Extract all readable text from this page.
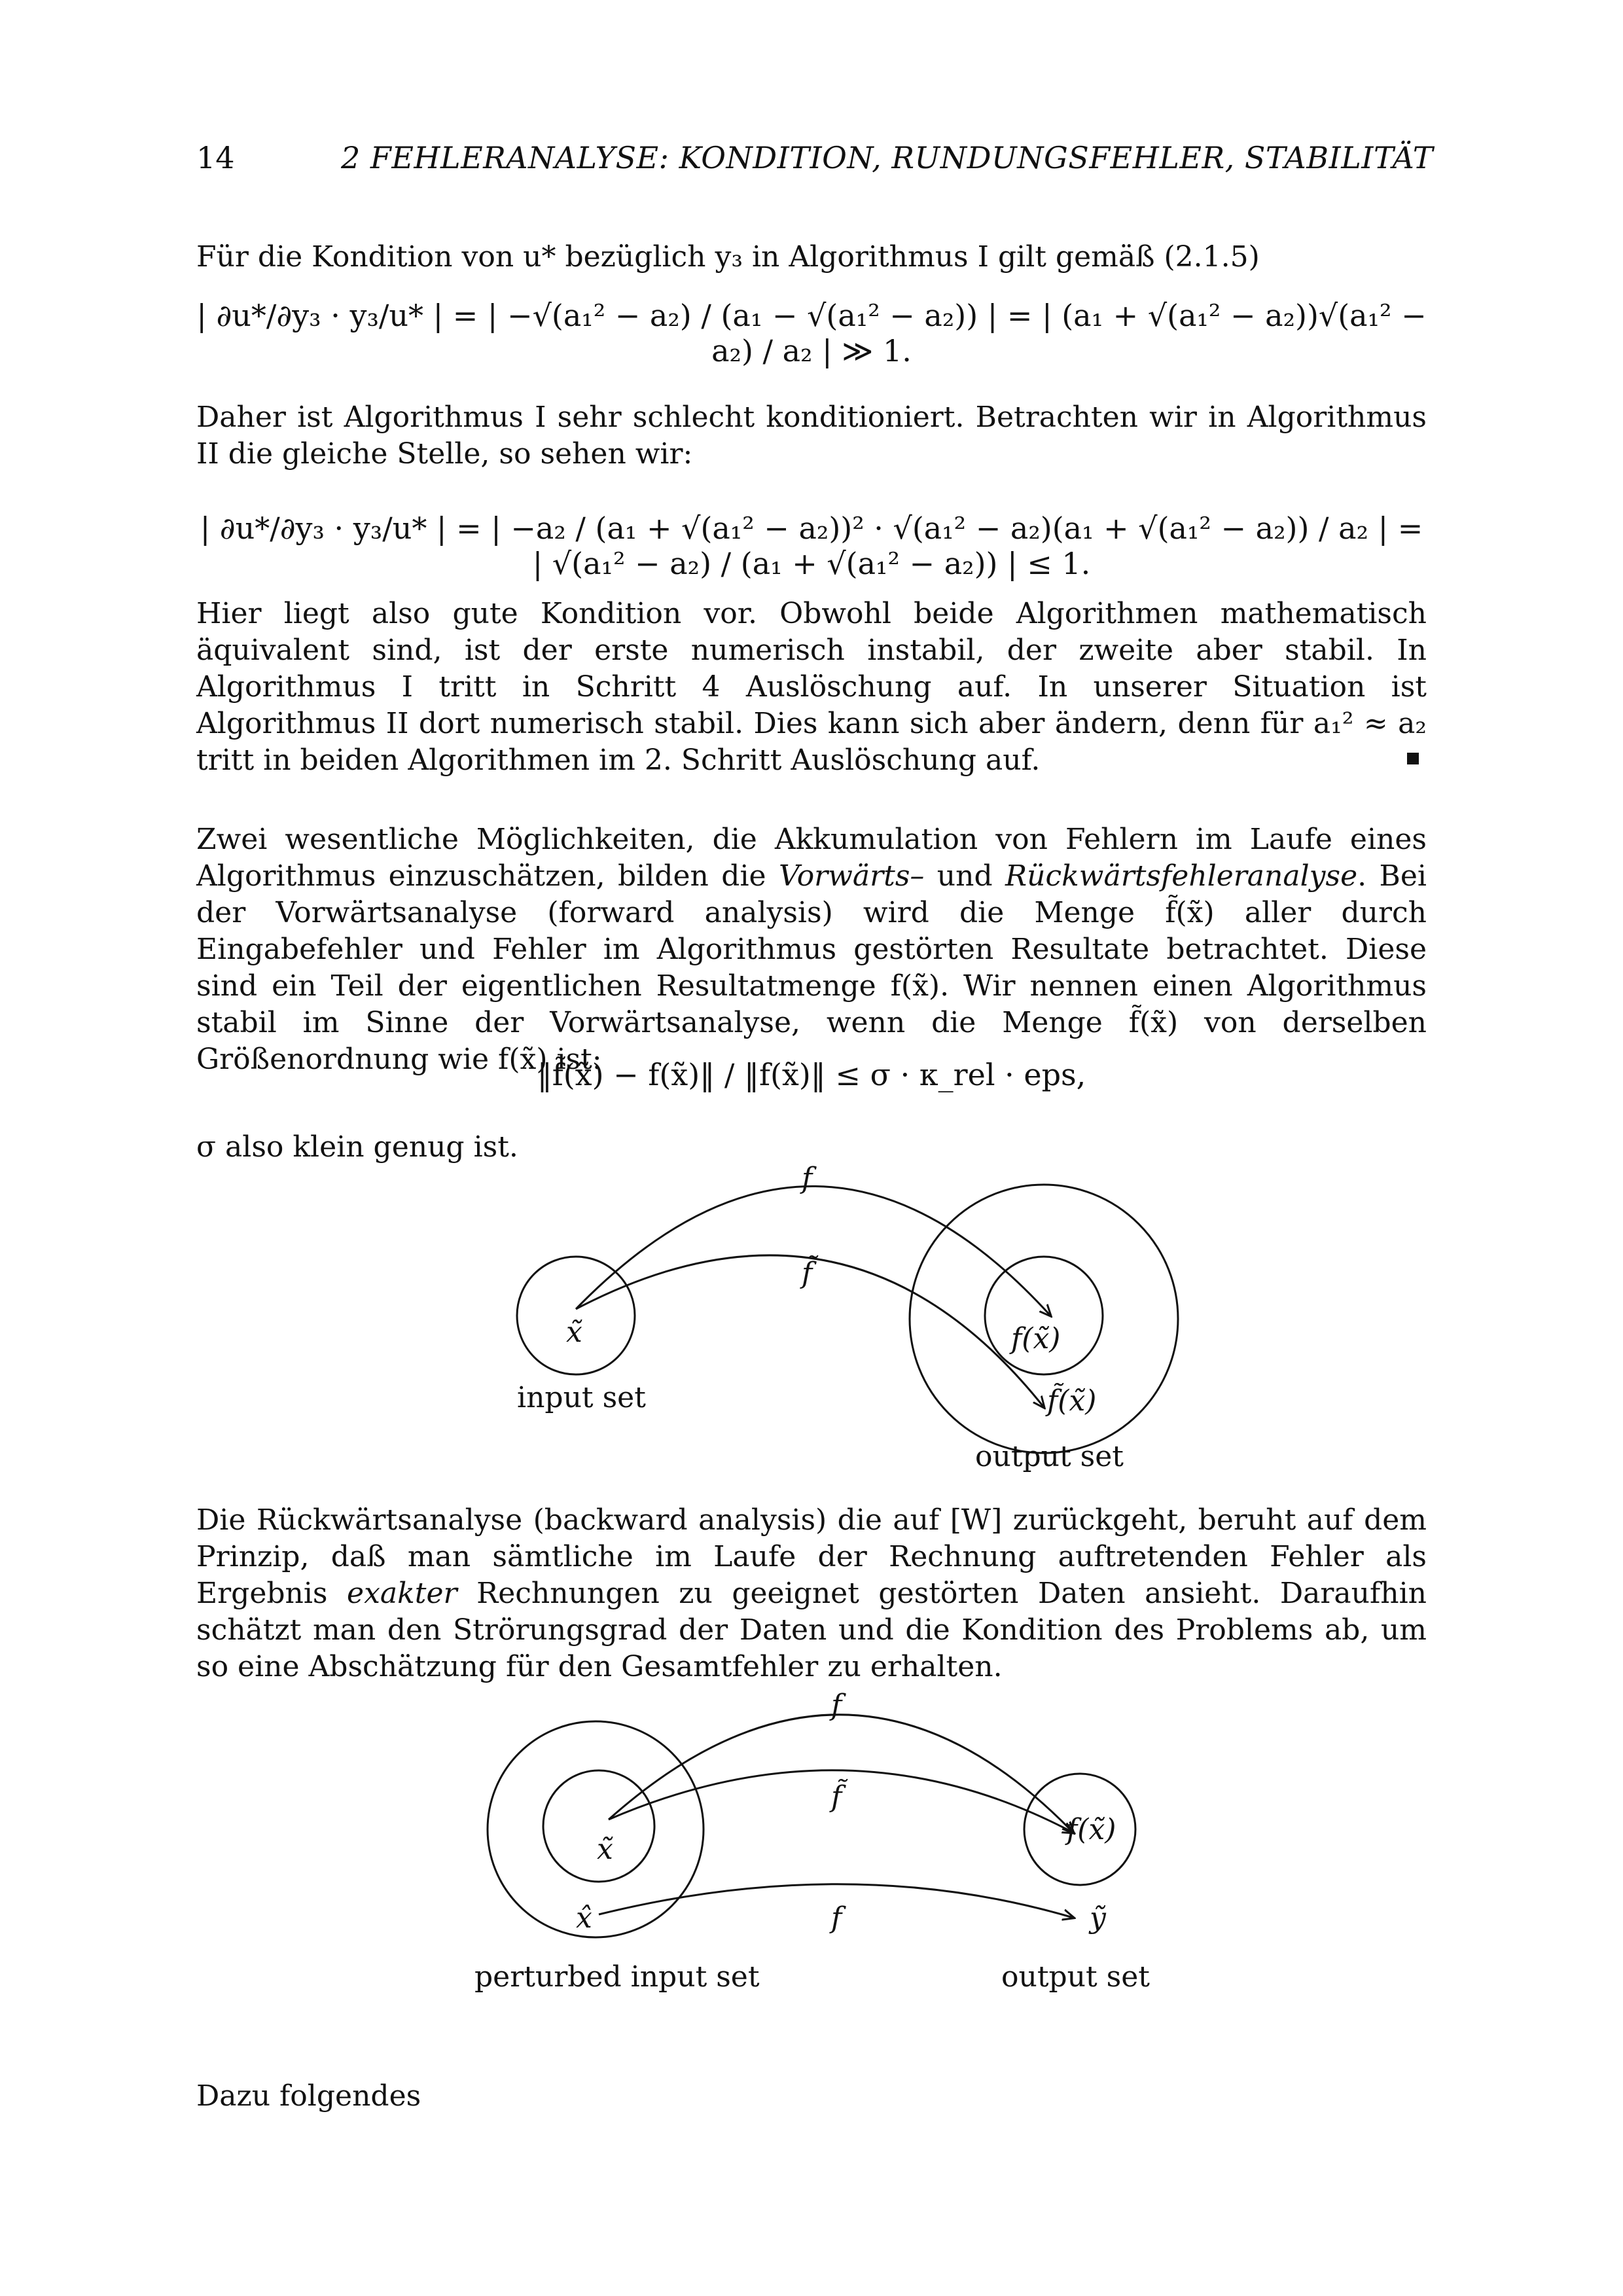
14	2 FEHLERANALYSE: KONDITION, RUNDUNGSFEHLER, STABILITÄT
Für die Kondition von u* bezüglich y₃ in Algorithmus I gilt gemäß (2.1.5)
| ∂u*/∂y₃ · y₃/u* | = | −√(a₁² − a₂) / (a₁ − √(a₁² − a₂)) | = | (a₁ + √(a₁² − a₂))√(a₁² − a₂) / a₂ | ≫ 1.
Daher ist Algorithmus I sehr schlecht konditioniert. Betrachten wir in Algorithmus II die gleiche Stelle, so sehen wir:
| ∂u*/∂y₃ · y₃/u* | = | −a₂ / (a₁ + √(a₁² − a₂))² · √(a₁² − a₂)(a₁ + √(a₁² − a₂)) / a₂ | = | √(a₁² − a₂) / (a₁ + √(a₁² − a₂)) | ≤ 1.
Hier liegt also gute Kondition vor. Obwohl beide Algorithmen mathematisch äquivalent sind, ist der erste numerisch instabil, der zweite aber stabil. In Algorithmus I tritt in Schritt 4 Auslöschung auf. In unserer Situation ist Algorithmus II dort numerisch stabil. Dies kann sich aber ändern, denn für a₁² ≈ a₂ tritt in beiden Algorithmen im 2. Schritt Auslöschung auf.
Zwei wesentliche Möglichkeiten, die Akkumulation von Fehlern im Laufe eines Algorithmus einzuschätzen, bilden die Vorwärts– und Rückwärtsfehleranalyse. Bei der Vorwärtsanalyse (forward analysis) wird die Menge f̃(x̃) aller durch Eingabefehler und Fehler im Algorithmus gestörten Resultate betrachtet. Diese sind ein Teil der eigentlichen Resultatmenge f(x̃). Wir nennen einen Algorithmus stabil im Sinne der Vorwärtsanalyse, wenn die Menge f̃(x̃) von derselben Größenordnung wie f(x̃) ist:
‖f̃(x̃) − f(x̃)‖ / ‖f(x̃)‖ ≤ σ · κ_rel · eps,
σ also klein genug ist.
f
f̃
x̃	f(x̃)
f̃(x̃)
input set
output set
Die Rückwärtsanalyse (backward analysis) die auf [W] zurückgeht, beruht auf dem Prinzip, daß man sämtliche im Laufe der Rechnung auftretenden Fehler als Ergebnis exakter Rechnungen zu geeignet gestörten Daten ansieht. Daraufhin schätzt man den Strörungsgrad der Daten und die Kondition des Problems ab, um so eine Abschätzung für den Gesamtfehler zu erhalten.
f
f̃
f
x̃
x̂
f(x̃)
ỹ
perturbed input set	output set
Dazu folgendes
